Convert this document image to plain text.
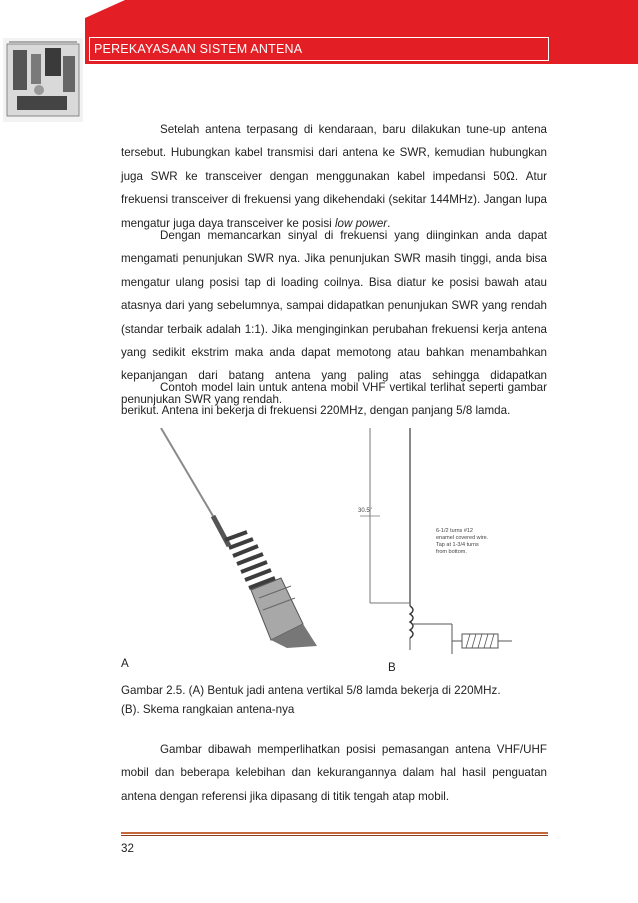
PEREKAYASAAN SISTEM ANTENA

Setelah antena terpasang di kendaraan, baru dilakukan tune-up antena tersebut. Hubungkan kabel transmisi dari antena ke SWR, kemudian hubungkan juga SWR ke transceiver dengan menggunakan kabel impedansi 50Ω. Atur frekuensi transceiver di frekuensi yang dikehendaki (sekitar 144MHz). Jangan lupa mengatur juga daya transceiver ke posisi low power.

Dengan memancarkan sinyal di frekuensi yang diinginkan anda dapat mengamati penunjukan SWR nya. Jika penunjukan SWR masih tinggi, anda bisa mengatur ulang posisi tap di loading coilnya. Bisa diatur ke posisi bawah atau atasnya dari yang sebelumnya, sampai didapatkan penunjukan SWR yang rendah (standar terbaik adalah 1:1). Jika menginginkan perubahan frekuensi kerja antena yang sedikit ekstrim maka anda dapat memotong atau bahkan menambahkan kepanjangan dari batang antena yang paling atas sehingga didapatkan penunjukan SWR yang rendah.

Contoh model lain untuk antena mobil VHF vertikal terlihat seperti gambar berikut. Antena ini bekerja di frekuensi 220MHz, dengan panjang 5/8 lamda.

30.5"
6-1/2 turns #12
enamel covered wire.
Tap at 1-3/4 turns
from bottom.
A	B
Gambar 2.5. (A) Bentuk jadi antena vertikal 5/8 lamda bekerja di 220MHz.
(B). Skema rangkaian antena-nya

Gambar dibawah memperlihatkan posisi pemasangan antena VHF/UHF mobil dan beberapa kelebihan dan kekurangannya dalam hal hasil penguatan antena dengan referensi jika dipasang di titik tengah atap mobil.

32
